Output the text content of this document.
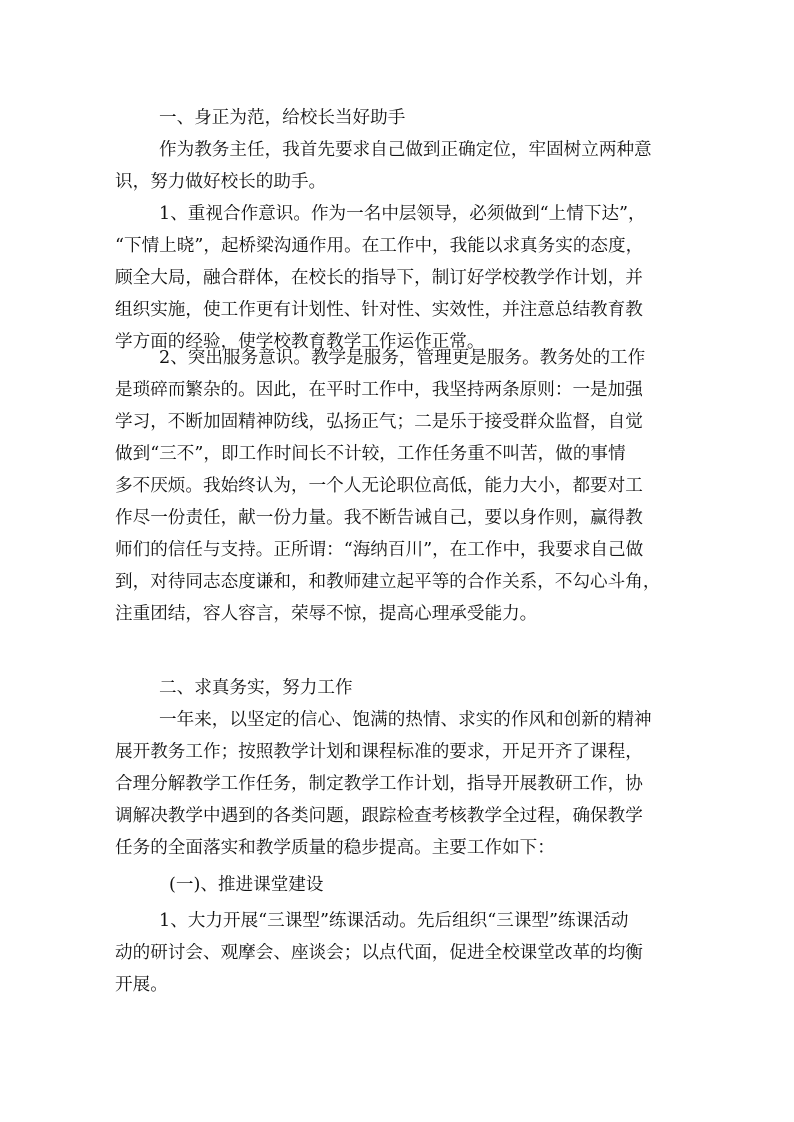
一、身正为范，给校长当好助手
作为教务主任，我首先要求自己做到正确定位，牢固树立两种意
识，努力做好校长的助手。
1、重视合作意识。作为一名中层领导，必须做到“上情下达”，
“下情上晓”，起桥梁沟通作用。在工作中，我能以求真务实的态度，
顾全大局，融合群体，在校长的指导下，制订好学校教学作计划，并
组织实施，使工作更有计划性、针对性、实效性，并注意总结教育教
学方面的经验，使学校教育教学工作运作正常。
2、突出服务意识。教学是服务，管理更是服务。教务处的工作
是琐碎而繁杂的。因此，在平时工作中，我坚持两条原则：一是加强
学习，不断加固精神防线，弘扬正气；二是乐于接受群众监督，自觉
做到“三不”，即工作时间长不计较，工作任务重不叫苦，做的事情
多不厌烦。我始终认为，一个人无论职位高低，能力大小，都要对工
作尽一份责任，献一份力量。我不断告诫自己，要以身作则，赢得教
师们的信任与支持。正所谓：“海纳百川”，在工作中，我要求自己做
到，对待同志态度谦和，和教师建立起平等的合作关系，不勾心斗角，
注重团结，容人容言，荣辱不惊，提高心理承受能力。
二、求真务实，努力工作
一年来，以坚定的信心、饱满的热情、求实的作风和创新的精神
展开教务工作；按照教学计划和课程标准的要求，开足开齐了课程，
合理分解教学工作任务，制定教学工作计划，指导开展教研工作，协
调解决教学中遇到的各类问题，跟踪检查考核教学全过程，确保教学
任务的全面落实和教学质量的稳步提高。主要工作如下：
(一)、推进课堂建设
1、大力开展“三课型”练课活动。先后组织“三课型”练课活动
动的研讨会、观摩会、座谈会；以点代面，促进全校课堂改革的均衡
开展。
